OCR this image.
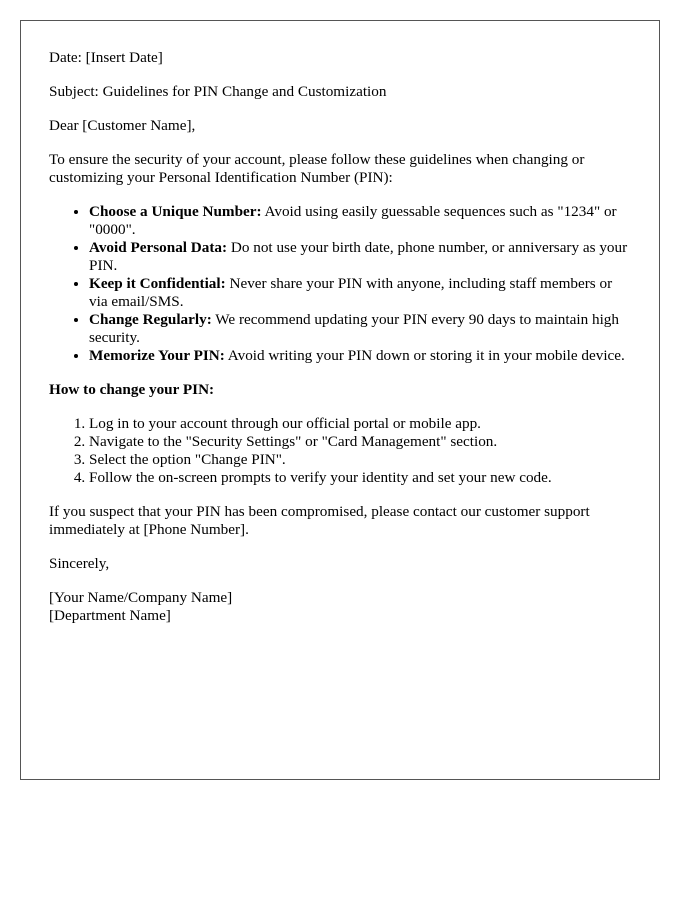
Date: [Insert Date]

Subject: Guidelines for PIN Change and Customization

Dear [Customer Name],

To ensure the security of your account, please follow these guidelines when changing or customizing your Personal Identification Number (PIN):

• Choose a Unique Number: Avoid using easily guessable sequences such as "1234" or "0000".
• Avoid Personal Data: Do not use your birth date, phone number, or anniversary as your PIN.
• Keep it Confidential: Never share your PIN with anyone, including staff members or via email/SMS.
• Change Regularly: We recommend updating your PIN every 90 days to maintain high security.
• Memorize Your PIN: Avoid writing your PIN down or storing it in your mobile device.

How to change your PIN:

1. Log in to your account through our official portal or mobile app.
2. Navigate to the "Security Settings" or "Card Management" section.
3. Select the option "Change PIN".
4. Follow the on-screen prompts to verify your identity and set your new code.

If you suspect that your PIN has been compromised, please contact our customer support immediately at [Phone Number].

Sincerely,

[Your Name/Company Name]
[Department Name]
